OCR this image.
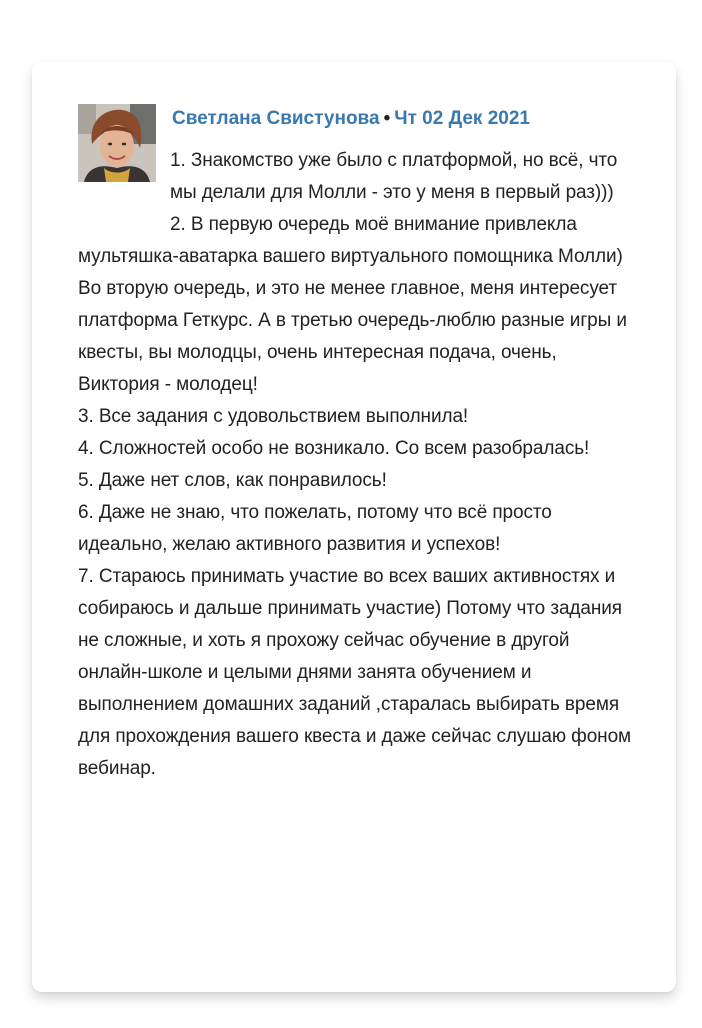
Светлана Свистунова • Чт 02 Дек 2021

1. Знакомство уже было с платформой, но всё, что мы делали для Молли - это у меня в первый раз)))

2. В первую очередь моё внимание привлекла мультяшка-аватарка вашего виртуального помощника Молли) Во вторую очередь, и это не менее главное, меня интересует платформа Геткурс. А в третью очередь-люблю разные игры и квесты, вы молодцы, очень интересная подача, очень, Виктория - молодец!

3. Все задания с удовольствием выполнила!

4. Сложностей особо не возникало. Со всем разобралась!

5. Даже нет слов, как понравилось!

6. Даже не знаю, что пожелать, потому что всё просто идеально, желаю активного развития и успехов!

7. Стараюсь принимать участие во всех ваших активностях и собираюсь и дальше принимать участие) Потому что задания не сложные, и хоть я прохожу сейчас обучение в другой онлайн-школе и целыми днями занята обучением и выполнением домашних заданий ,старалась выбирать время для прохождения вашего квеста и даже сейчас слушаю фоном вебинар.
